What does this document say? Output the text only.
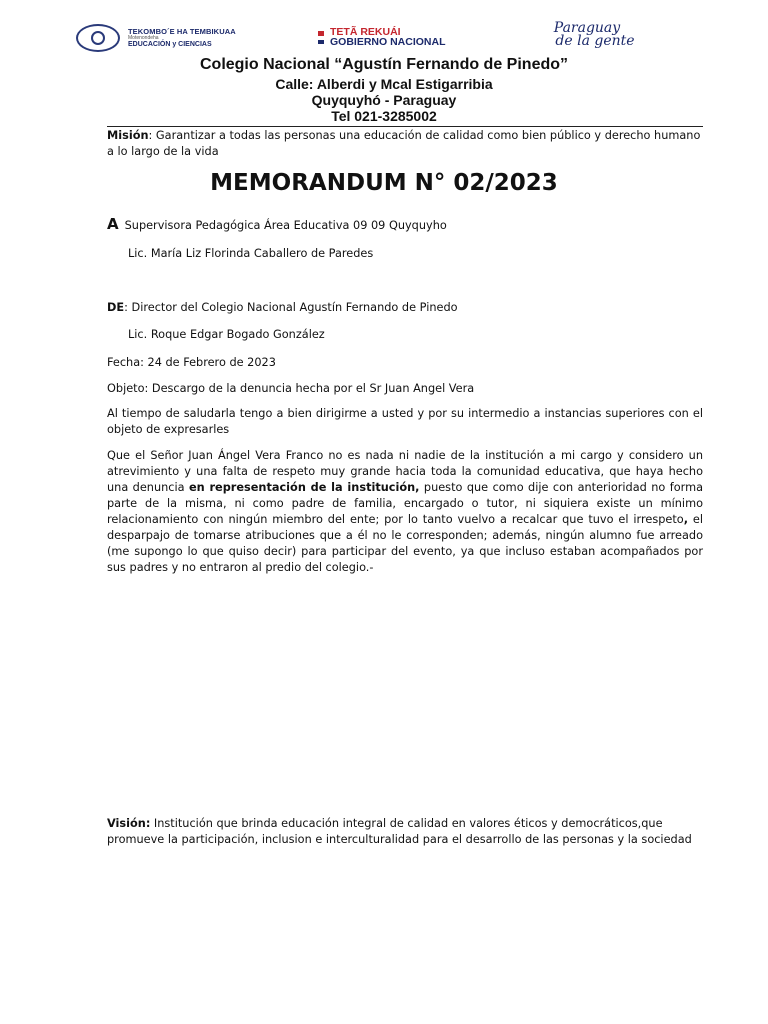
TEKOMBO´E HA TEMBIKUAA
Motenondeha
EDUCACIÓN y CIENCIAS
TETÃ REKUÁI
GOBIERNO NACIONAL
Paraguay
de la gente
Colegio Nacional “Agustín Fernando de Pinedo”
Calle: Alberdi y Mcal Estigarribia
Quyquyhó - Paraguay
Tel 021-3285002
Misión: Garantizar a todas las personas una educación de calidad como bien público y derecho humano a lo largo de la vida
MEMORANDUM N° 02/2023
A Supervisora Pedagógica Área Educativa 09 09 Quyquyho
Lic. María Liz Florinda Caballero de Paredes
DE: Director del Colegio Nacional Agustín Fernando de Pinedo
Lic. Roque Edgar Bogado González
Fecha: 24 de Febrero de 2023
Objeto: Descargo de la denuncia hecha por el Sr Juan Angel Vera
Al tiempo de saludarla tengo a bien dirigirme a usted y por su intermedio a instancias superiores con el objeto de expresarles
Que el Señor Juan Ángel Vera Franco no es nada ni nadie de la institución a mi cargo y considero un atrevimiento y una falta de respeto muy grande hacia toda la comunidad educativa, que haya hecho una denuncia en representación de la institución, puesto que como dije con anterioridad no forma parte de la misma, ni como padre de familia, encargado o tutor, ni siquiera existe un mínimo relacionamiento con ningún miembro del ente; por lo tanto vuelvo a recalcar que tuvo el irrespeto, el desparpajo de tomarse atribuciones que a él no le corresponden; además, ningún alumno fue arreado (me supongo lo que quiso decir) para participar del evento, ya que incluso estaban acompañados por sus padres y no entraron al predio del colegio.-
Visión: Institución que brinda educación integral de calidad en valores éticos y democráticos,que promueve la participación, inclusion e interculturalidad para el desarrollo de las personas y la sociedad
